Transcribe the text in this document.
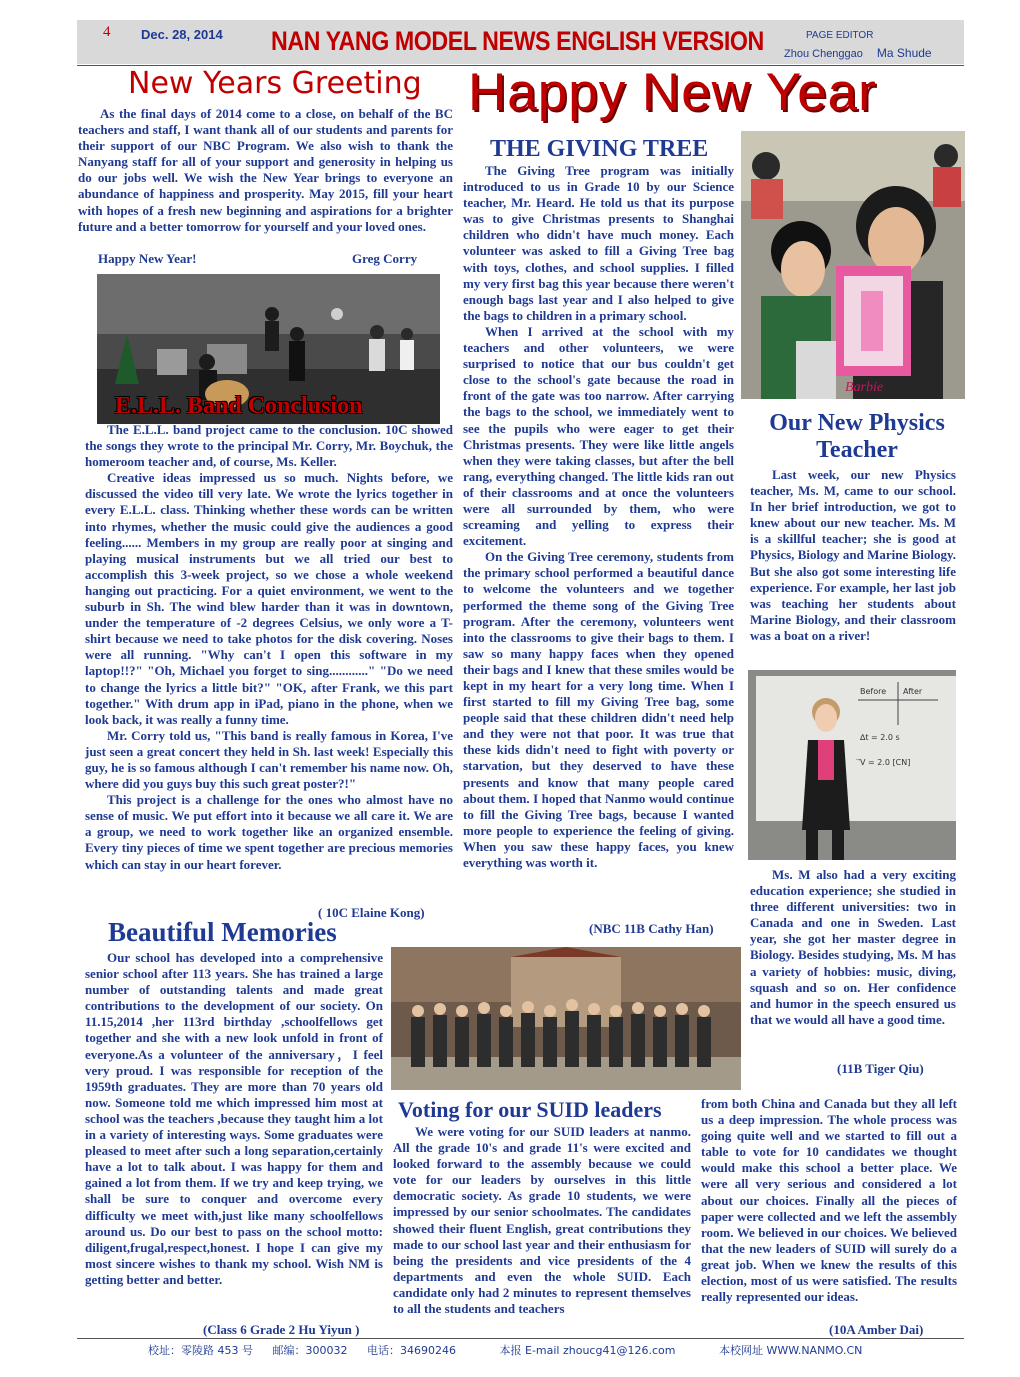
4 Dec. 28, 2014 NAN YANG MODEL NEWS ENGLISH VERSION	PAGE EDITOR
Zhou Chenggao Ma Shude
New Years Greeting

As the final days of 2014 come to a close, on behalf of the BC teachers and staff, I want thank all of our students and parents for their support of our NBC Program. We also wish to thank the Nanyang staff for all of your support and generosity in helping us do our jobs well. We wish the New Year brings to everyone an abundance of happiness and prosperity. May 2015, fill your heart with hopes of a fresh new beginning and aspirations for a brighter future and a better tomorrow for yourself and your loved ones.

Happy New Year!	Greg Corry
Happy New Year
E.L.L. Band Conclusion

The E.L.L. band project came to the conclusion. 10C showed the songs they wrote to the principal Mr. Corry, Mr. Boychuk, the homeroom teacher and, of course, Ms. Keller.

Creative ideas impressed us so much. Nights before, we discussed the video till very late. We wrote the lyrics together in every E.L.L. class. Thinking whether these words can be written into rhymes, whether the music could give the audiences a good feeling...... Members in my group are really poor at singing and playing musical instruments but we all tried our best to accomplish this 3-week project, so we chose a whole weekend hanging out practicing. For a quiet environment, we went to the suburb in Sh. The wind blew harder than it was in downtown, under the temperature of -2 degrees Celsius, we only wore a T-shirt because we need to take photos for the disk covering. Noses were all running. "Why can't I open this software in my laptop!!?" "Oh, Michael you forget to sing............" "Do we need to change the lyrics a little bit?" "OK, after Frank, we this part together." With drum app in iPad, piano in the phone, when we look back, it was really a funny time.

Mr. Corry told us, "This band is really famous in Korea, I've just seen a great concert they held in Sh. last week! Especially this guy, he is so famous although I can't remember his name now. Oh, where did you guys buy this such great poster?!"

This project is a challenge for the ones who almost have no sense of music. We put effort into it because we all care it. We are a group, we need to work together like an organized ensemble. Every tiny pieces of time we spent together are precious memories which can stay in our heart forever.

( 10C Elaine Kong)
THE GIVING TREE

The Giving Tree program was initially introduced to us in Grade 10 by our Science teacher, Mr. Heard. He told us that its purpose was to give Christmas presents to Shanghai children who didn't have much money. Each volunteer was asked to fill a Giving Tree bag with toys, clothes, and school supplies. I filled my very first bag this year because there weren't enough bags last year and I also helped to give the bags to children in a primary school.

When I arrived at the school with my teachers and other volunteers, we were surprised to notice that our bus couldn't get close to the school's gate because the road in front of the gate was too narrow. After carrying the bags to the school, we immediately went to see the pupils who were eager to get their Christmas presents. They were like little angels when they were taking classes, but after the bell rang, everything changed. The little kids ran out of their classrooms and at once the volunteers were all surrounded by them, who were screaming and yelling to express their excitement.

On the Giving Tree ceremony, students from the primary school performed a beautiful dance to welcome the volunteers and we together performed the theme song of the Giving Tree program. After the ceremony, volunteers went into the classrooms to give their bags to them. I saw so many happy faces when they opened their bags and I knew that these smiles would be kept in my heart for a very long time. When I first started to fill my Giving Tree bag, some people said that these children didn't need help and they were not that poor. It was true that these kids didn't need to fight with poverty or starvation, but they deserved to have these presents and know that many people cared about them. I hoped that Nanmo would continue to fill the Giving Tree bags, because I wanted more people to experience the feeling of giving. When you saw these happy faces, you knew everything was worth it.

(NBC 11B Cathy Han)
Barbie
Our New Physics Teacher

Last week, our new Physics teacher, Ms. M, came to our school. In her brief introduction, we got to knew about our new teacher. Ms. M is a skillful teacher; she is good at Physics, Biology and Marine Biology. But she also got some interesting life experience. For example, her last job was teaching her students about Marine Biology, and their classroom was a boat on a river!

Before After
∆t = 2.0 s
⃗V = 2.0 [CN]

Ms. M also had a very exciting education experience; she studied in three different universities: two in Canada and one in Sweden. Last year, she got her master degree in Biology. Besides studying, Ms. M has a variety of hobbies: music, diving, squash and so on. Her confidence and humor in the speech ensured us that we would all have a good time.

(11B Tiger Qiu)
Beautiful Memories

Our school has developed into a comprehensive senior school after 113 years. She has trained a large number of outstanding talents and made great contributions to the development of our society. On 11.15,2014 ,her 113rd birthday ,schoolfellows get together and she with a new look unfold in front of everyone.As a volunteer of the anniversary，I feel very proud. I was responsible for reception of the 1959th graduates. They are more than 70 years old now. Someone told me which impressed him most at school was the teachers ,because they taught him a lot in a variety of interesting ways. Some graduates were pleased to meet after such a long separation,certainly have a lot to talk about. I was happy for them and gained a lot from them. If we try and keep trying, we shall be sure to conquer and overcome every difficulty we meet with,just like many schoolfellows around us. Do our best to pass on the school motto: diligent,frugal,respect,honest. I hope I can give my most sincere wishes to thank my school. Wish NM is getting better and better.

(Class 6 Grade 2 Hu Yiyun )
Voting for our SUID leaders

We were voting for our SUID leaders at nanmo. All the grade 10's and grade 11's were excited and looked forward to the assembly because we could vote for our leaders by ourselves in this little democratic society. As grade 10 students, we were impressed by our senior schoolmates. The candidates showed their fluent English, great contributions they made to our school last year and their enthusiasm for being the presidents and vice presidents of the 4 departments and even the whole SUID. Each candidate only had 2 minutes to represent themselves to all the students and teachers

from both China and Canada but they all left us a deep impression. The whole process was going quite well and we started to fill out a table to vote for 10 candidates we thought would make this school a better place. We were all very serious and considered a lot about our choices. Finally all the pieces of paper were collected and we left the assembly room. We believed in our choices. We believed that the new leaders of SUID will surely do a great job. When we knew the results of this election, most of us were satisfied. The results really represented our ideas.

(10A Amber Dai)
校址：零陵路 453 号 邮编：300032 电话：34690246	本报 E-mail zhoucg41@126.com	本校网址 WWW.NANMO.CN
